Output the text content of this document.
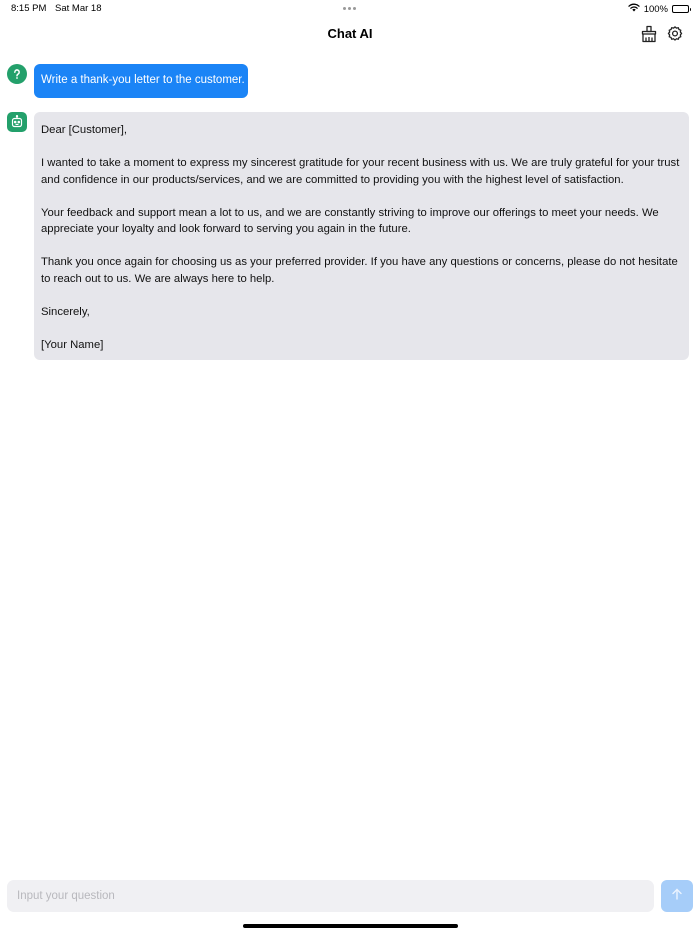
8:15 PM Sat Mar 18	100%
Chat AI
Write a thank-you letter to the customer.

Dear [Customer],

I wanted to take a moment to express my sincerest gratitude for your recent business with us. We are truly grateful for your trust and confidence in our products/services, and we are committed to providing you with the highest level of satisfaction.

Your feedback and support mean a lot to us, and we are constantly striving to improve our offerings to meet your needs. We appreciate your loyalty and look forward to serving you again in the future.

Thank you once again for choosing us as your preferred provider. If you have any questions or concerns, please do not hesitate to reach out to us. We are always here to help.

Sincerely,

[Your Name]

Input your question
